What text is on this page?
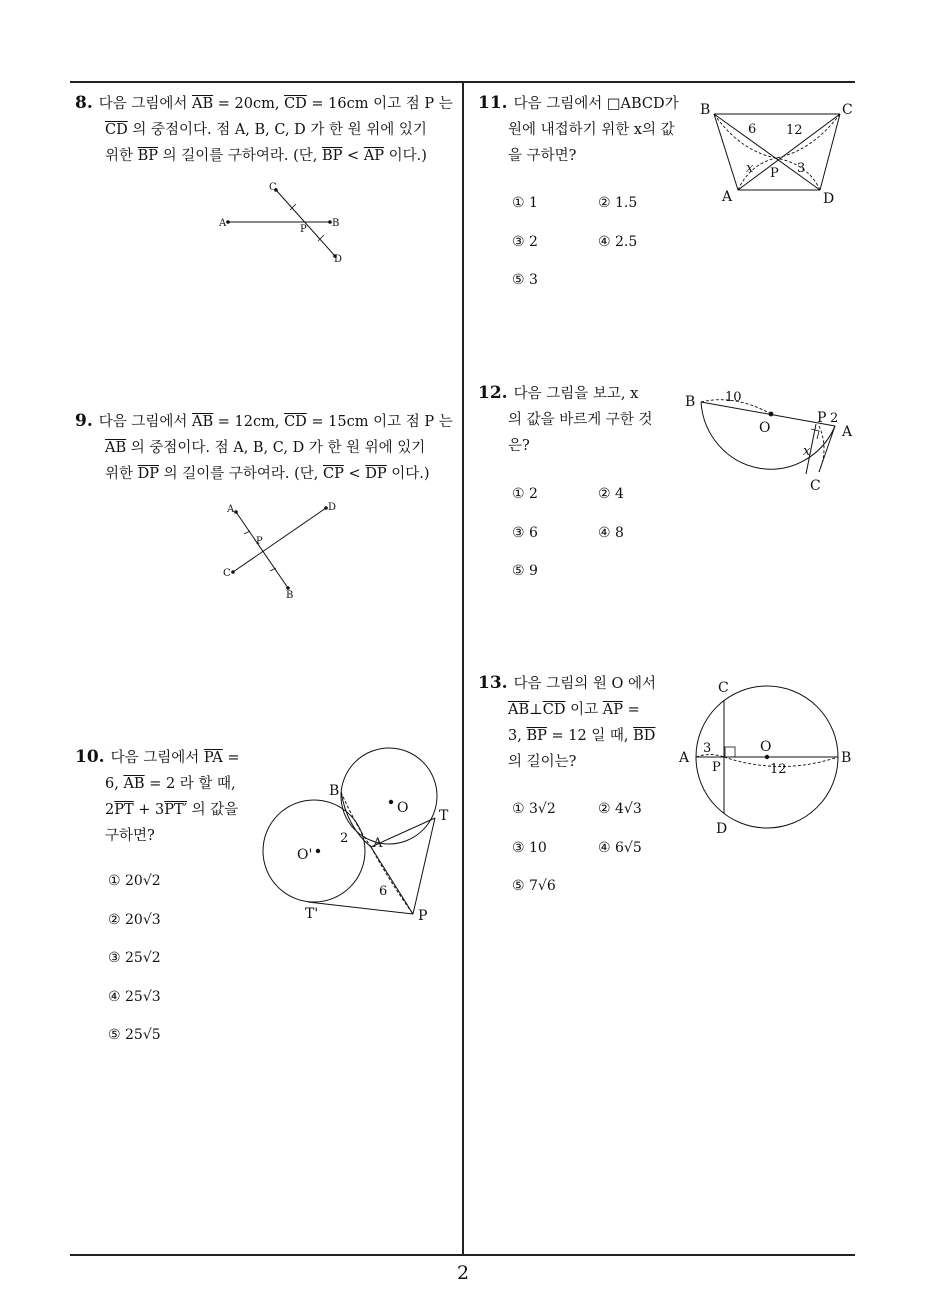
8. 다음 그림에서 $\overline{AB} = 20cm$, $\overline{CD} = 16cm$ 이고 점 P 는
$\overline{CD}$ 의 중점이다. 점 A, B, C, D 가 한 원 위에 있기
위한 $\overline{BP}$ 의 길이를 구하여라. (단, $\overline{BP} < \overline{AP}$ 이다.)
A	B
C
D
P
9. 다음 그림에서 $\overline{AB} = 12cm$, $\overline{CD} = 15cm$ 이고 점 P 는
$\overline{AB}$ 의 중점이다. 점 A, B, C, D 가 한 원 위에 있기
위한 $\overline{DP}$ 의 길이를 구하여라. (단, $\overline{CP} < \overline{DP}$ 이다.)
A
B
C
D
P
10. 다음 그림에서 $\overline{PA}$ =
6, $\overline{AB} = 2$ 라 할 때,
$2\overline{PT} + 3PT'$ 의 값을
구하면?
① 20√2
② 20√3
③ 25√2
④ 25√3
⑤ 25√5
B
O T
O'
A
2
6
T'	P
11. 다음 그림에서 □ABCD가
원에 내접하기 위한 x의 값
을 구하면?
① 1	② 1.5
③ 2	④ 2.5
⑤ 3
B	C
A	D
P
6 12
x	3
12. 다음 그림을 보고, x
의 값을 바르게 구한 것
은?
① 2	② 4
③ 6	④ 8
⑤ 9
B 10
O
P 2
A
x
C
13. 다음 그림의 원 O 에서
$\overline{AB}\perp\overline{CD}$ 이고 $\overline{AP}$ =
3, $\overline{BP} = 12$ 일 때, $\overline{BD}$
의 길이는?
① 3√2	② 4√3
③ 10	④ 6√5
⑤ 7√6
C
A
3	O
B
P	12
D
2
